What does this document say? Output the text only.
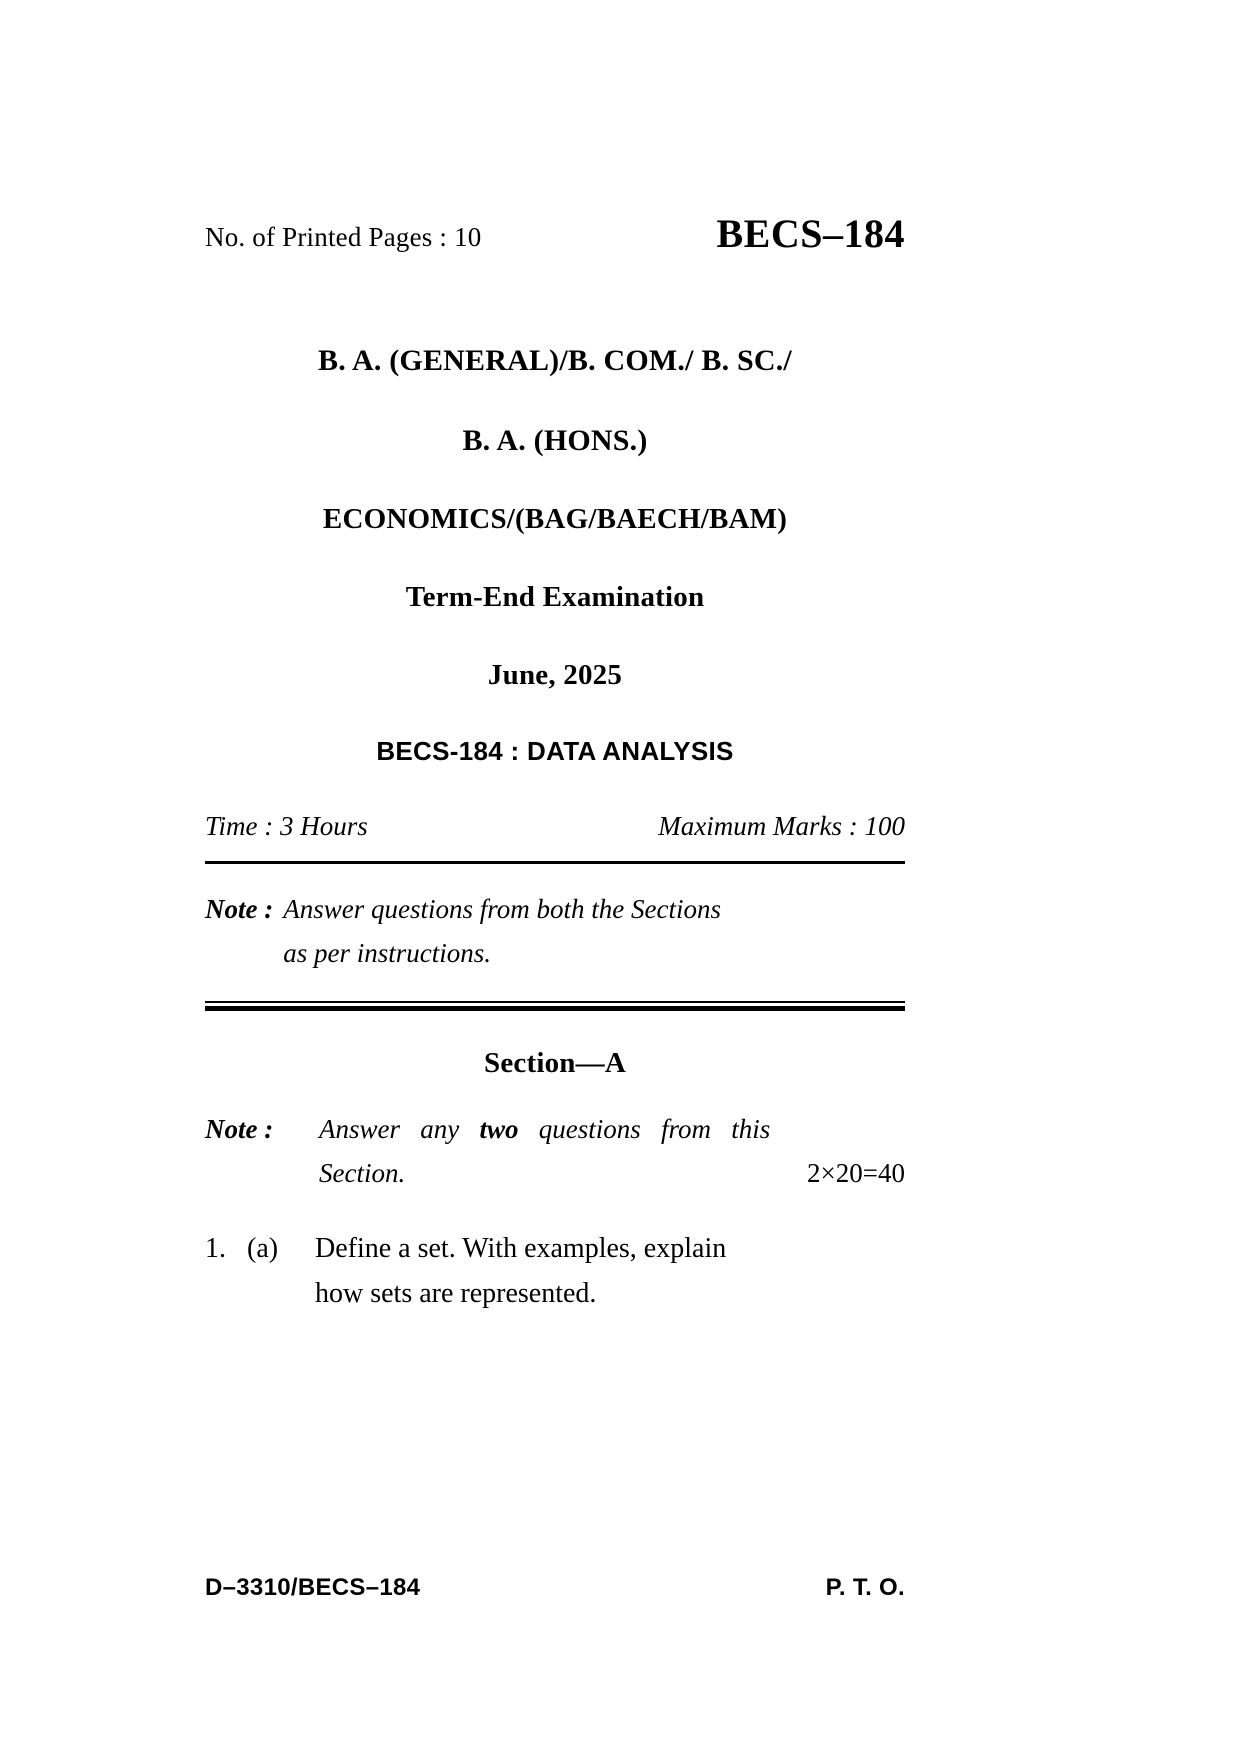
No. of Printed Pages : 10	BECS–184
B. A. (GENERAL)/B. COM./ B. SC./
B. A. (HONS.)
ECONOMICS/(BAG/BAECH/BAM)
Term-End Examination
June, 2025
BECS-184 : DATA ANALYSIS
Time : 3 Hours	Maximum Marks : 100
Note : Answer questions from both the Sections
as per instructions.
Section—A
Note :	Answer any two questions from this
Section.	2×20=40
1. (a)	Define a set. With examples, explain
how sets are represented.
D–3310/BECS–184	P. T. O.
